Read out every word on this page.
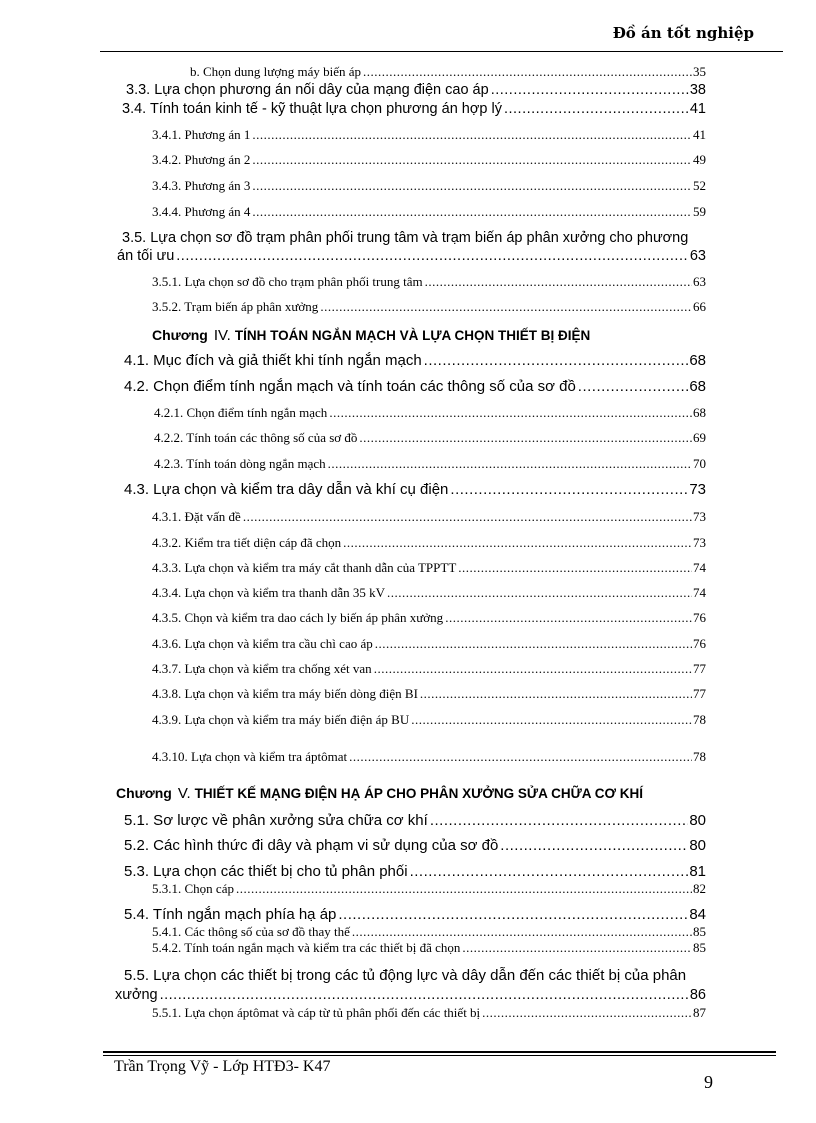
Đồ án tốt nghiệp
b. Chọn dung lượng máy biến áp .....	35
3.3. Lựa chọn phương án nối dây của mạng điện cao áp .....	38
3.4. Tính toán kinh tế - kỹ thuật lựa chọn phương án hợp lý .....	41
3.4.1. Phương án 1 .....	41
3.4.2. Phương án 2 .....	49
3.4.3. Phương án 3 .....	52
3.4.4. Phương án 4 .....	59
3.5. Lựa chọn sơ đồ trạm phân phối trung tâm và trạm biến áp phân xưởng cho phương
án tối ưu .....	63
3.5.1. Lựa chọn sơ đồ cho trạm phân phối trung tâm .....	63
3.5.2. Trạm biến áp phân xưởng .....	66
Chương IV. TÍNH TOÁN NGẮN MẠCH VÀ LỰA CHỌN THIẾT BỊ ĐIỆN
4.1. Mục đích và giả thiết khi tính ngắn mạch .....	68
4.2. Chọn điểm tính ngắn mạch và tính toán các thông số của sơ đồ .....	68
4.2.1. Chọn điểm tính ngắn mạch .....	68
4.2.2. Tính toán các thông số của sơ đồ .....	69
4.2.3. Tính toán dòng ngắn mạch .....	70
4.3. Lựa chọn và kiểm tra dây dẫn và khí cụ điện .....	73
4.3.1. Đặt vấn đề .....	73
4.3.2. Kiểm tra tiết diện cáp đã chọn .....	73
4.3.3. Lựa chọn và kiểm tra máy cắt thanh dẫn của TPPTT .....	74
4.3.4. Lựa chọn và kiểm tra thanh dẫn 35 kV .....	74
4.3.5. Chọn và kiểm tra dao cách ly biến áp phân xưởng .....	76
4.3.6. Lựa chọn và kiểm tra cầu chì cao áp .....	76
4.3.7. Lựa chọn và kiểm tra chống xét van .....	77
4.3.8. Lựa chọn và kiểm tra máy biến dòng điện BI .....	77
4.3.9. Lựa chọn và kiểm tra máy biến điện áp BU .....	78
4.3.10. Lựa chọn và kiểm tra áptômat .....	78
Chương V. THIẾT KẾ MẠNG ĐIỆN HẠ ÁP CHO PHÂN XƯỞNG SỬA CHỮA CƠ KHÍ
5.1. Sơ lược về phân xưởng sửa chữa cơ khí .....	80
5.2. Các hình thức đi dây và phạm vi sử dụng của sơ đồ .....	80
5.3. Lựa chọn các thiết bị cho tủ phân phối .....	81
5.3.1. Chọn cáp .....	82
5.4. Tính ngắn mạch phía hạ áp .....	84
5.4.1. Các thông số của sơ đồ thay thế .....	85
5.4.2. Tính toán ngắn mạch và kiểm tra các thiết bị đã chọn .....	85
5.5. Lựa chọn các thiết bị trong các tủ động lực và dây dẫn đến các thiết bị của phân
xưởng .....	86
5.5.1. Lựa chọn áptômat và cáp từ tủ phân phối đến các thiết bị .....	87
Trần Trọng Vỹ - Lớp HTĐ3- K47
9
